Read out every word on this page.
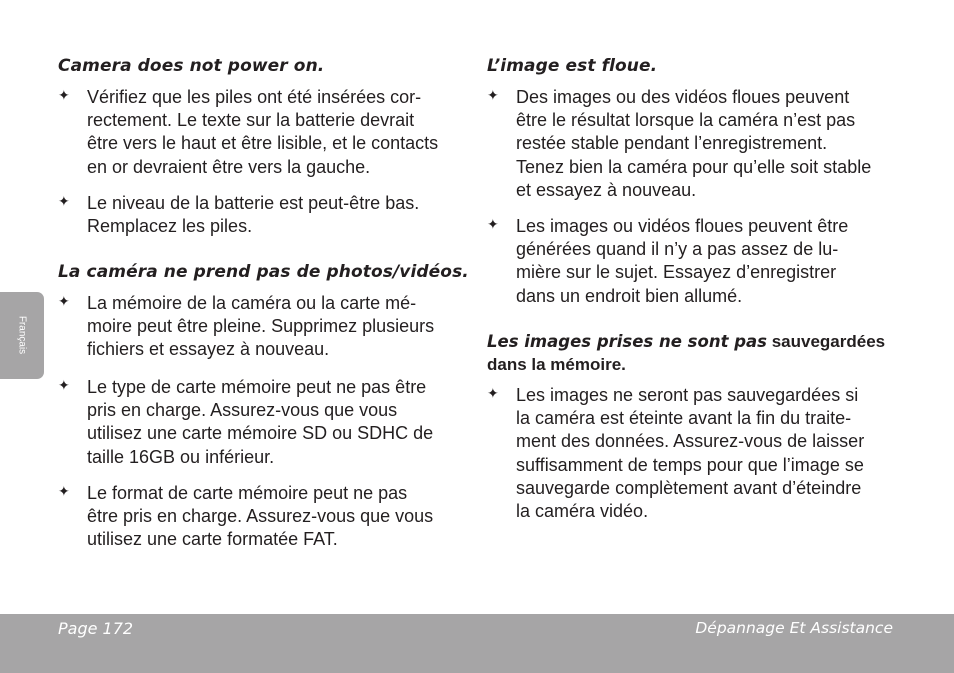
Camera does not power on.
✦ Vérifiez que les piles ont été insérées cor-
rectement. Le texte sur la batterie devrait
être vers le haut et être lisible, et le contacts
en or devraient être vers la gauche.
✦ Le niveau de la batterie est peut-être bas.
Remplacez les piles.
La caméra ne prend pas de photos/vidéos.
✦ La mémoire de la caméra ou la carte mé-
moire peut être pleine. Supprimez plusieurs
fichiers et essayez à nouveau.
✦ Le type de carte mémoire peut ne pas être
pris en charge. Assurez-vous que vous
utilisez une carte mémoire SD ou SDHC de
taille 16GB ou inférieur.
✦ Le format de carte mémoire peut ne pas
être pris en charge. Assurez-vous que vous
utilisez une carte formatée FAT.
L’image est floue.
✦ Des images ou des vidéos floues peuvent
être le résultat lorsque la caméra n’est pas
restée stable pendant l’enregistrement.
Tenez bien la caméra pour qu’elle soit stable
et essayez à nouveau.
✦ Les images ou vidéos floues peuvent être
générées quand il n’y a pas assez de lu-
mière sur le sujet. Essayez d’enregistrer
dans un endroit bien allumé.
Les images prises ne sont pas sauvegardées
dans la mémoire.
✦ Les images ne seront pas sauvegardées si
la caméra est éteinte avant la fin du traite-
ment des données. Assurez-vous de laisser
suffisamment de temps pour que l’image se
sauvegarde complètement avant d’éteindre
la caméra vidéo.
Français
Page 172	Dépannage Et Assistance
